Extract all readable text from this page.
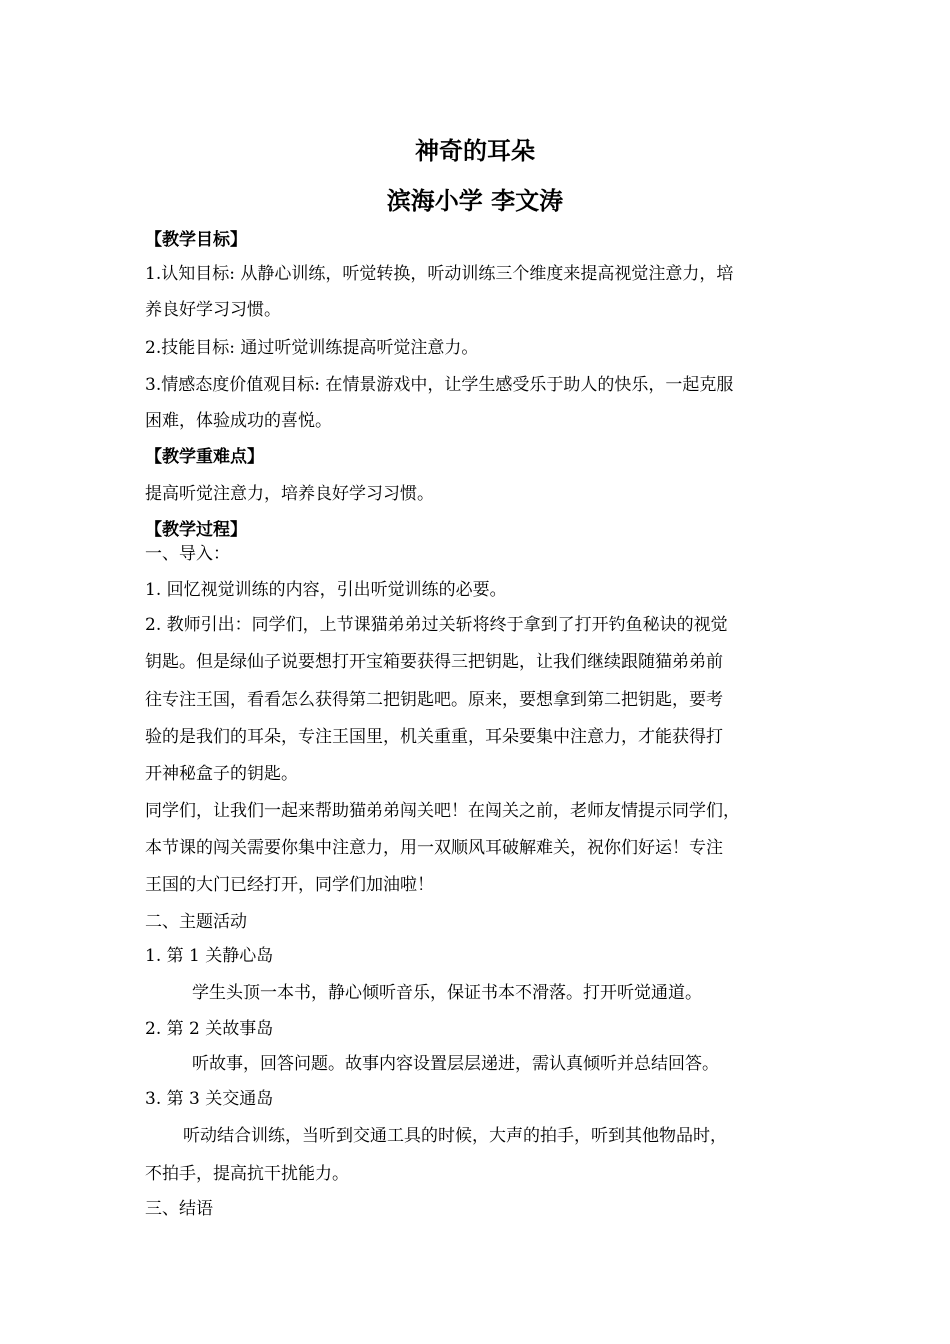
神奇的耳朵
滨海小学 李文涛
【教学目标】
1.认知目标: 从静心训练，听觉转换，听动训练三个维度来提高视觉注意力，培
养良好学习习惯。
2.技能目标: 通过听觉训练提高听觉注意力。
3.情感态度价值观目标: 在情景游戏中，让学生感受乐于助人的快乐，一起克服
困难，体验成功的喜悦。
【教学重难点】
提高听觉注意力，培养良好学习习惯。
【教学过程】
一、导入：
1. 回忆视觉训练的内容，引出听觉训练的必要。
2. 教师引出：同学们，上节课猫弟弟过关斩将终于拿到了打开钓鱼秘诀的视觉
钥匙。但是绿仙子说要想打开宝箱要获得三把钥匙，让我们继续跟随猫弟弟前
往专注王国，看看怎么获得第二把钥匙吧。原来，要想拿到第二把钥匙，要考
验的是我们的耳朵，专注王国里，机关重重，耳朵要集中注意力，才能获得打
开神秘盒子的钥匙。
同学们，让我们一起来帮助猫弟弟闯关吧！在闯关之前，老师友情提示同学们，
本节课的闯关需要你集中注意力，用一双顺风耳破解难关，祝你们好运！专注
王国的大门已经打开，同学们加油啦！
二、主题活动
1. 第 1 关静心岛
学生头顶一本书，静心倾听音乐，保证书本不滑落。打开听觉通道。
2. 第 2 关故事岛
听故事，回答问题。故事内容设置层层递进，需认真倾听并总结回答。
3. 第 3 关交通岛
听动结合训练，当听到交通工具的时候，大声的拍手，听到其他物品时，
不拍手，提高抗干扰能力。
三、结语
